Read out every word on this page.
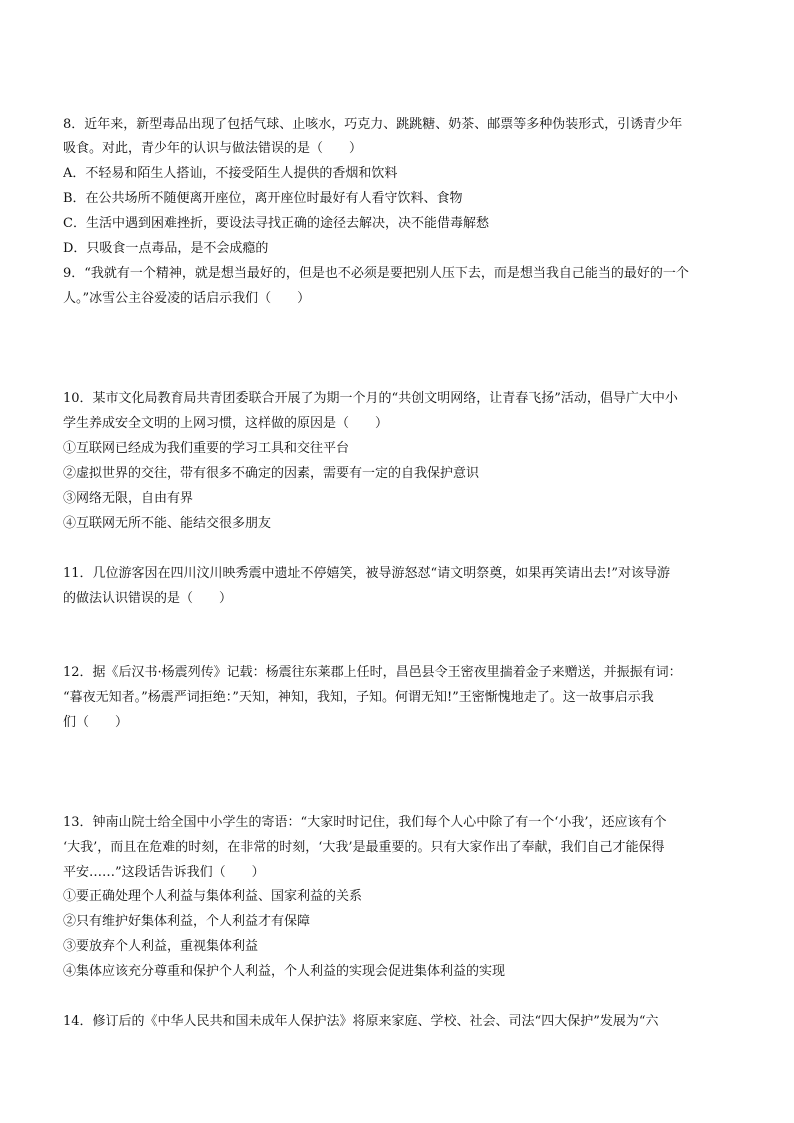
8．近年来，新型毒品出现了包括气球、止咳水，巧克力、跳跳糖、奶茶、邮票等多种伪装形式，引诱青少年
吸食。对此，青少年的认识与做法错误的是（　　）
A．不轻易和陌生人搭讪，不接受陌生人提供的香烟和饮料
B．在公共场所不随便离开座位，离开座位时最好有人看守饮料、食物
C．生活中遇到困难挫折，要设法寻找正确的途径去解决，决不能借毒解愁
D．只吸食一点毒品，是不会成瘾的
9．“我就有一个精神，就是想当最好的，但是也不必须是要把别人压下去，而是想当我自己能当的最好的一个
人。”冰雪公主谷爱凌的话启示我们（　　）
10．某市文化局教育局共青团委联合开展了为期一个月的“共创文明网络，让青春飞扬”活动，倡导广大中小
学生养成安全文明的上网习惯，这样做的原因是（　　）
①互联网已经成为我们重要的学习工具和交往平台
②虚拟世界的交往，带有很多不确定的因素，需要有一定的自我保护意识
③网络无限，自由有界
④互联网无所不能、能结交很多朋友
11．几位游客因在四川汶川映秀震中遗址不停嬉笑，被导游怒怼“请文明祭奠，如果再笑请出去!”对该导游
的做法认识错误的是（　　）
12．据《后汉书·杨震列传》记载：杨震往东莱郡上任时，昌邑县令王密夜里揣着金子来赠送，并振振有词：
“暮夜无知者。”杨震严词拒绝：”天知，神知，我知，子知。何谓无知!”王密惭愧地走了。这一故事启示我
们（　　）
13．钟南山院士给全国中小学生的寄语：“大家时时记住，我们每个人心中除了有一个‘小我’，还应该有个
‘大我’，而且在危难的时刻，在非常的时刻，‘大我’是最重要的。只有大家作出了奉献，我们自己才能保得
平安……”这段话告诉我们（　　）
①要正确处理个人利益与集体利益、国家利益的关系
②只有维护好集体利益，个人利益才有保障
③要放弃个人利益，重视集体利益
④集体应该充分尊重和保护个人利益，个人利益的实现会促进集体利益的实现
14．修订后的《中华人民共和国未成年人保护法》将原来家庭、学校、社会、司法“四大保护”发展为“六
